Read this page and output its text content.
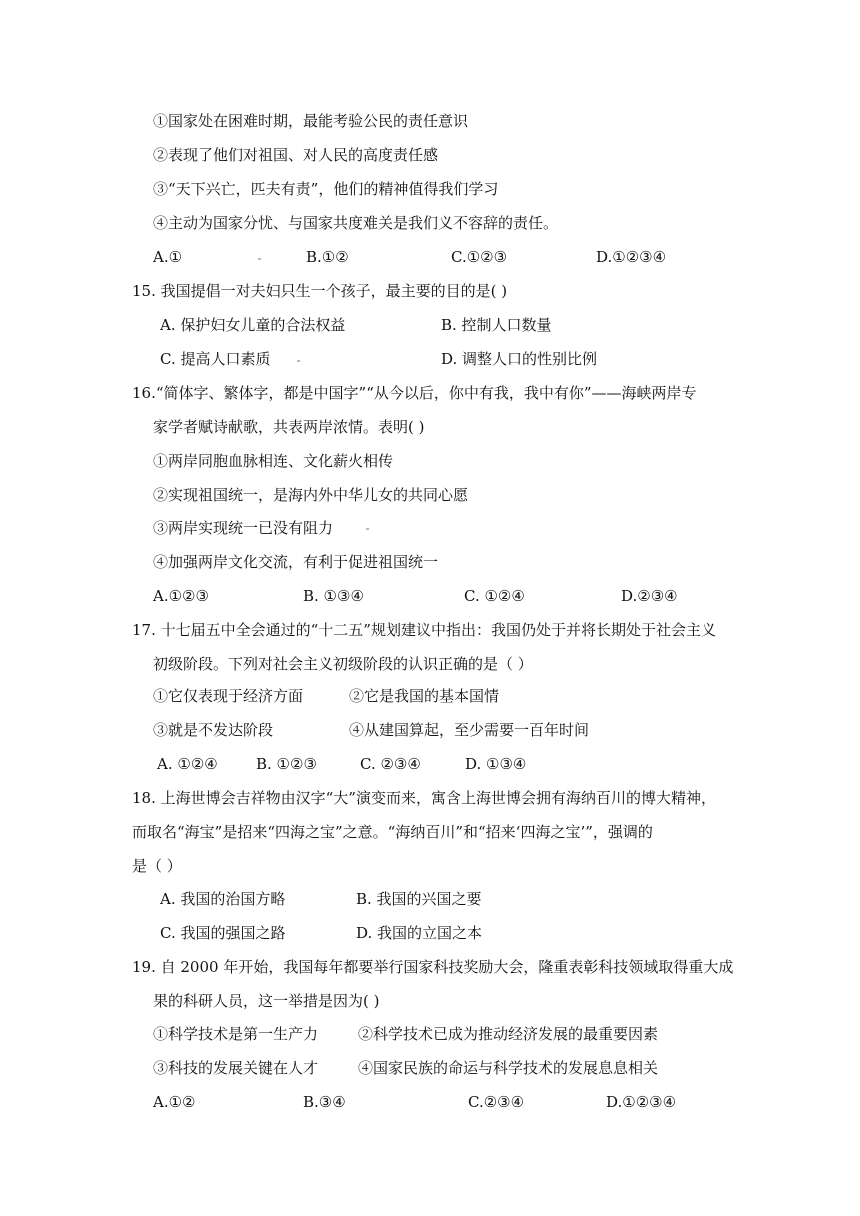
①国家处在困难时期，最能考验公民的责任意识
②表现了他们对祖国、对人民的高度责任感
③“天下兴亡，匹夫有责”，他们的精神值得我们学习
④主动为国家分忧、与国家共度难关是我们义不容辞的责任。
A.①	B.①②	C.①②③	D.①②③④
15. 我国提倡一对夫妇只生一个孩子，最主要的目的是( )
A. 保护妇女儿童的合法权益	B. 控制人口数量
C. 提高人口素质	D. 调整人口的性别比例
16.“简体字、繁体字，都是中国字”“从今以后，你中有我，我中有你”——海峡两岸专
家学者赋诗献歌，共表两岸浓情。表明( )
①两岸同胞血脉相连、文化薪火相传
②实现祖国统一，是海内外中华儿女的共同心愿
③两岸实现统一已没有阻力
④加强两岸文化交流，有利于促进祖国统一
A.①②③	B. ①③④	C. ①②④	D.②③④
17. 十七届五中全会通过的“十二五”规划建议中指出：我国仍处于并将长期处于社会主义
初级阶段。下列对社会主义初级阶段的认识正确的是（ ）
①它仅表现于经济方面	②它是我国的基本国情
③就是不发达阶段	④从建国算起，至少需要一百年时间
A. ①②④	B. ①②③	C. ②③④	D. ①③④
18. 上海世博会吉祥物由汉字“大”演变而来，寓含上海世博会拥有海纳百川的博大精神，
而取名“海宝”是招来“四海之宝”之意。“海纳百川”和“招来‘四海之宝’”，强调的
是（ ）
A. 我国的治国方略	B. 我国的兴国之要
C. 我国的强国之路	D. 我国的立国之本
19. 自 2000 年开始，我国每年都要举行国家科技奖励大会，隆重表彰科技领域取得重大成
果的科研人员，这一举措是因为( )
①科学技术是第一生产力	②科学技术已成为推动经济发展的最重要因素
③科技的发展关键在人才	④国家民族的命运与科学技术的发展息息相关
A.①②	B.③④	C.②③④	D.①②③④
